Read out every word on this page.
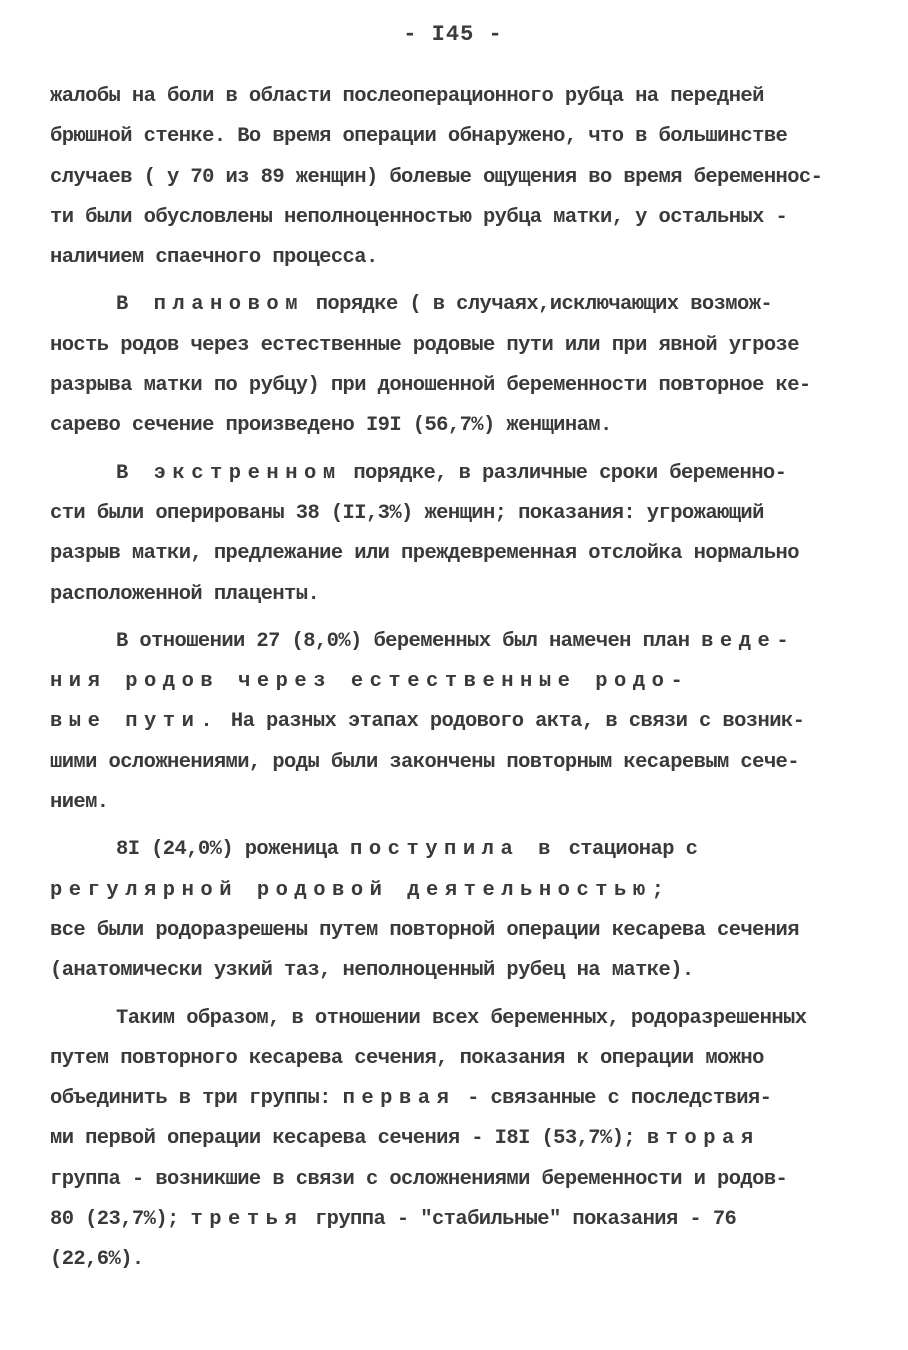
- I45 -
жалобы на боли в области послеоперационного рубца на передней
брюшной стенке. Во время операции обнаружено, что в большинстве
случаев ( у 70 из 89 женщин) болевые ощущения во время беременнос-
ти были обусловлены неполноценностью рубца матки, у остальных -
наличием спаечного процесса.
В плановом порядке ( в случаях,исключающих возмож-
ность родов через естественные родовые пути или при явной угрозе
разрыва матки по рубцу) при доношенной беременности повторное ке-
сарево сечение произведено I9I (56,7%) женщинам.
В экстренном порядке, в различные сроки беременно-
сти были оперированы 38 (II,3%) женщин; показания: угрожающий
разрыв матки, предлежание или преждевременная отслойка нормально
расположенной плаценты.
В отношении 27 (8,0%) беременных был намечен план веде-
ния родов через естественные родо-
вые пути. На разных этапах родового акта, в связи с возник-
шими осложнениями, роды были закончены повторным кесаревым сече-
нием.
8I (24,0%) роженица поступила в стационар с
регулярной родовой деятельностью;
все были родоразрешены путем повторной операции кесарева сечения
(анатомически узкий таз, неполноценный рубец на матке).
Таким образом, в отношении всех беременных, родоразрешенных
путем повторного кесарева сечения, показания к операции можно
объединить в три группы: первая - связанные с последствия-
ми первой операции кесарева сечения - I8I (53,7%); вторая
группа - возникшие в связи с осложнениями беременности и родов-
80 (23,7%); третья группа - "стабильные" показания - 76
(22,6%).
